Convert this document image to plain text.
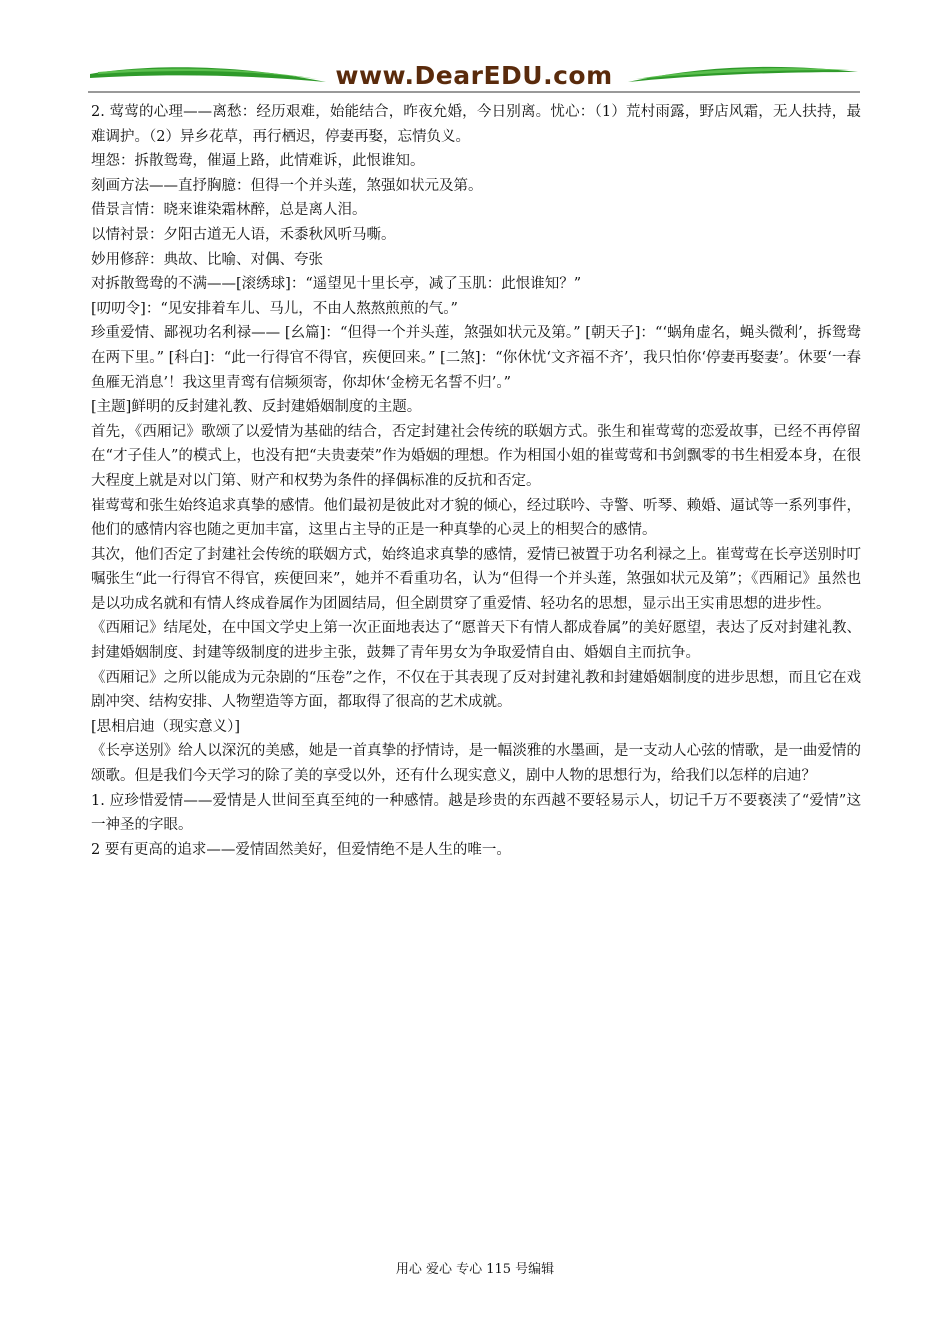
www.DearEDU.com

2. 莺莺的心理——离愁：经历艰难，始能结合，昨夜允婚，今日别离。忧心：（1）荒村雨露，野店风霜，无人扶持，最难调护。（2）异乡花草，再行栖迟，停妻再娶，忘情负义。

埋怨：拆散鸳鸯，催逼上路，此情难诉，此恨谁知。

刻画方法——直抒胸臆：但得一个并头莲，煞强如状元及第。

借景言情：晓来谁染霜林醉，总是离人泪。

以情衬景：夕阳古道无人语，禾黍秋风听马嘶。

妙用修辞：典故、比喻、对偶、夸张

对拆散鸳鸯的不满——[滚绣球]：“遥望见十里长亭，减了玉肌：此恨谁知？”

[叨叨令]：“见安排着车儿、马儿，不由人熬熬煎煎的气。”

珍重爱情、鄙视功名利禄—— [幺篇]：“但得一个并头莲，煞强如状元及第。” [朝天子]：“‘蜗角虚名，蝇头微利’，拆鸳鸯在两下里。” [科白]：“此一行得官不得官，疾便回来。” [二煞]：“你休忧‘文齐福不齐’，我只怕你‘停妻再娶妻’。休要‘一春鱼雁无消息’！我这里青鸾有信频须寄，你却休‘金榜无名誓不归’。”

[主题]鲜明的反封建礼教、反封建婚姻制度的主题。

首先，《西厢记》歌颂了以爱情为基础的结合，否定封建社会传统的联姻方式。张生和崔莺莺的恋爱故事，已经不再停留在“才子佳人”的模式上，也没有把“夫贵妻荣”作为婚姻的理想。作为相国小姐的崔莺莺和书剑飘零的书生相爱本身，在很大程度上就是对以门第、财产和权势为条件的择偶标准的反抗和否定。

崔莺莺和张生始终追求真挚的感情。他们最初是彼此对才貌的倾心，经过联吟、寺警、听琴、赖婚、逼试等一系列事件，他们的感情内容也随之更加丰富，这里占主导的正是一种真挚的心灵上的相契合的感情。

其次，他们否定了封建社会传统的联姻方式，始终追求真挚的感情，爱情已被置于功名利禄之上。崔莺莺在长亭送别时叮嘱张生“此一行得官不得官，疾便回来”，她并不看重功名，认为“但得一个并头莲，煞强如状元及第”；《西厢记》虽然也是以功成名就和有情人终成眷属作为团圆结局，但全剧贯穿了重爱情、轻功名的思想，显示出王实甫思想的进步性。

《西厢记》结尾处，在中国文学史上第一次正面地表达了“愿普天下有情人都成眷属”的美好愿望，表达了反对封建礼教、封建婚姻制度、封建等级制度的进步主张，鼓舞了青年男女为争取爱情自由、婚姻自主而抗争。

《西厢记》之所以能成为元杂剧的“压卷”之作，不仅在于其表现了反对封建礼教和封建婚姻制度的进步思想，而且它在戏剧冲突、结构安排、人物塑造等方面，都取得了很高的艺术成就。

[思相启迪（现实意义）]

《长亭送别》给人以深沉的美感，她是一首真挚的抒情诗，是一幅淡雅的水墨画，是一支动人心弦的情歌，是一曲爱情的颂歌。但是我们今天学习的除了美的享受以外，还有什么现实意义，剧中人物的思想行为，给我们以怎样的启迪？

1. 应珍惜爱情——爱情是人世间至真至纯的一种感情。越是珍贵的东西越不要轻易示人，切记千万不要亵渎了“爱情”这一神圣的字眼。

2 要有更高的追求——爱情固然美好，但爱情绝不是人生的唯一。

用心 爱心 专心 115 号编辑
